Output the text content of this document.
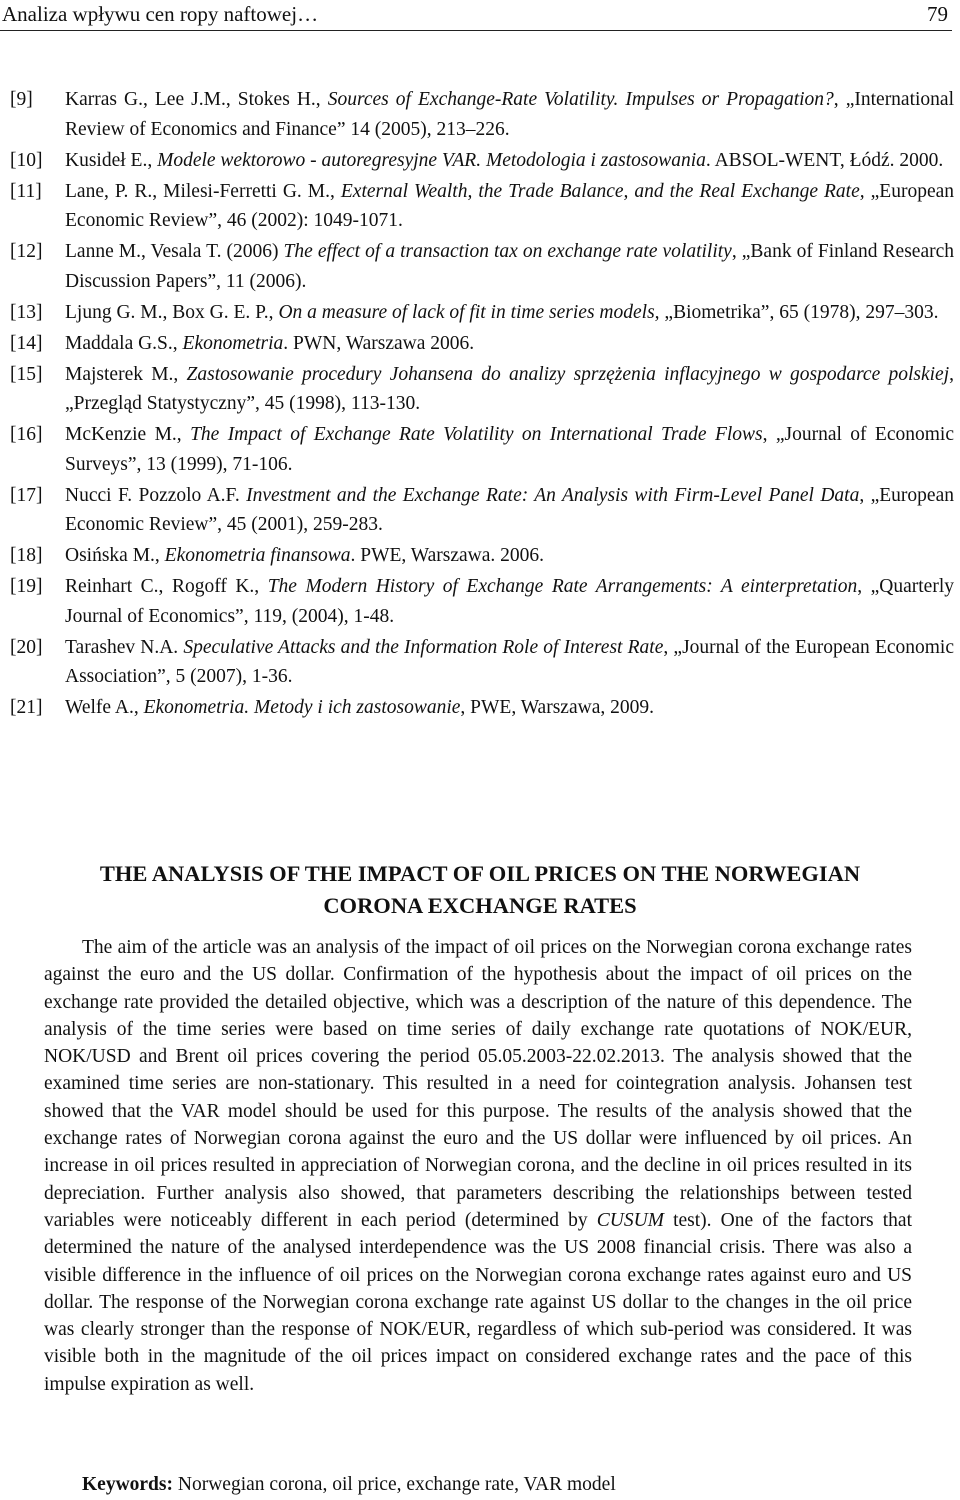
Analiza wpływu cen ropy naftowej…	79
[9] Karras G., Lee J.M., Stokes H., Sources of Exchange-Rate Volatility. Impulses or Propagation?, „International Review of Economics and Finance” 14 (2005), 213–226.
[10] Kusideł E., Modele wektorowo - autoregresyjne VAR. Metodologia i zastosowania. ABSOL-WENT, Łódź. 2000.
[11] Lane, P. R., Milesi-Ferretti G. M., External Wealth, the Trade Balance, and the Real Exchange Rate, „European Economic Review”, 46 (2002): 1049-1071.
[12] Lanne M., Vesala T. (2006) The effect of a transaction tax on exchange rate volatility, „Bank of Finland Research Discussion Papers”, 11 (2006).
[13] Ljung G. M., Box G. E. P., On a measure of lack of fit in time series models, „Biometrika”, 65 (1978), 297–303.
[14] Maddala G.S., Ekonometria. PWN, Warszawa 2006.
[15] Majsterek M., Zastosowanie procedury Johansena do analizy sprzężenia inflacyjnego w gospodarce polskiej, „Przegląd Statystyczny”, 45 (1998), 113-130.
[16] McKenzie M., The Impact of Exchange Rate Volatility on International Trade Flows, „Journal of Economic Surveys”, 13 (1999), 71-106.
[17] Nucci F. Pozzolo A.F. Investment and the Exchange Rate: An Analysis with Firm-Level Panel Data, „European Economic Review”, 45 (2001), 259-283.
[18] Osińska M., Ekonometria finansowa. PWE, Warszawa. 2006.
[19] Reinhart C., Rogoff K., The Modern History of Exchange Rate Arrangements: A einterpretation, „Quarterly Journal of Economics”, 119, (2004), 1-48.
[20] Tarashev N.A. Speculative Attacks and the Information Role of Interest Rate, „Journal of the European Economic Association”, 5 (2007), 1-36.
[21] Welfe A., Ekonometria. Metody i ich zastosowanie, PWE, Warszawa, 2009.
THE ANALYSIS OF THE IMPACT OF OIL PRICES ON THE NORWEGIAN
CORONA EXCHANGE RATES

The aim of the article was an analysis of the impact of oil prices on the Norwegian corona exchange rates against the euro and the US dollar. Confirmation of the hypothesis about the impact of oil prices on the exchange rate provided the detailed objective, which was a description of the nature of this dependence. The analysis of the time series were based on time series of daily exchange rate quotations of NOK/EUR, NOK/USD and Brent oil prices covering the period 05.05.2003-22.02.2013. The analysis showed that the examined time series are non-stationary. This resulted in a need for cointegration analysis. Johansen test showed that the VAR model should be used for this purpose. The results of the analysis showed that the exchange rates of Norwegian corona against the euro and the US dollar were influenced by oil prices. An increase in oil prices resulted in appreciation of Norwegian corona, and the decline in oil prices resulted in its depreciation. Further analysis also showed, that parameters describing the relationships between tested variables were noticeably different in each period (determined by CUSUM test). One of the factors that determined the nature of the analysed interdependence was the US 2008 financial crisis. There was also a visible difference in the influence of oil prices on the Norwegian corona exchange rates against euro and US dollar. The response of the Norwegian corona exchange rate against US dollar to the changes in the oil price was clearly stronger than the response of NOK/EUR, regardless of which sub-period was considered. It was visible both in the magnitude of the oil prices impact on considered exchange rates and the pace of this impulse expiration as well.

Keywords: Norwegian corona, oil price, exchange rate, VAR model
